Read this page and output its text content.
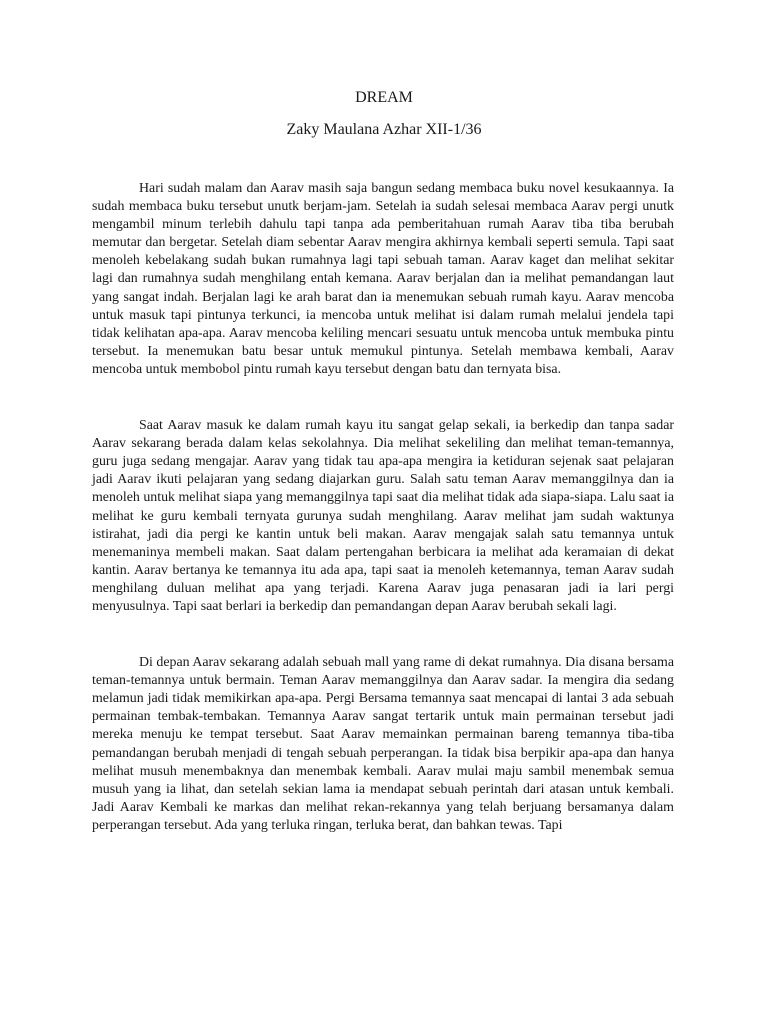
DREAM
Zaky Maulana Azhar XII-1/36

Hari sudah malam dan Aarav masih saja bangun sedang membaca buku novel kesukaannya. Ia sudah membaca buku tersebut unutk berjam-jam. Setelah ia sudah selesai membaca Aarav pergi unutk mengambil minum terlebih dahulu tapi tanpa ada pemberitahuan rumah Aarav tiba tiba berubah memutar dan bergetar. Setelah diam sebentar Aarav mengira akhirnya kembali seperti semula. Tapi saat menoleh kebelakang sudah bukan rumahnya lagi tapi sebuah taman. Aarav kaget dan melihat sekitar lagi dan rumahnya sudah menghilang entah kemana. Aarav berjalan dan ia melihat pemandangan laut yang sangat indah. Berjalan lagi ke arah barat dan ia menemukan sebuah rumah kayu. Aarav mencoba untuk masuk tapi pintunya terkunci, ia mencoba untuk melihat isi dalam rumah melalui jendela tapi tidak kelihatan apa-apa. Aarav mencoba keliling mencari sesuatu untuk mencoba untuk membuka pintu tersebut. Ia menemukan batu besar untuk memukul pintunya. Setelah membawa kembali, Aarav mencoba untuk membobol pintu rumah kayu tersebut dengan batu dan ternyata bisa.

Saat Aarav masuk ke dalam rumah kayu itu sangat gelap sekali, ia berkedip dan tanpa sadar Aarav sekarang berada dalam kelas sekolahnya. Dia melihat sekeliling dan melihat teman-temannya, guru juga sedang mengajar. Aarav yang tidak tau apa-apa mengira ia ketiduran sejenak saat pelajaran jadi Aarav ikuti pelajaran yang sedang diajarkan guru. Salah satu teman Aarav memanggilnya dan ia menoleh untuk melihat siapa yang memanggilnya tapi saat dia melihat tidak ada siapa-siapa. Lalu saat ia melihat ke guru kembali ternyata gurunya sudah menghilang. Aarav melihat jam sudah waktunya istirahat, jadi dia pergi ke kantin untuk beli makan. Aarav mengajak salah satu temannya untuk menemaninya membeli makan. Saat dalam pertengahan berbicara ia melihat ada keramaian di dekat kantin. Aarav bertanya ke temannya itu ada apa, tapi saat ia menoleh ketemannya, teman Aarav sudah menghilang duluan melihat apa yang terjadi. Karena Aarav juga penasaran jadi ia lari pergi menyusulnya. Tapi saat berlari ia berkedip dan pemandangan depan Aarav berubah sekali lagi.

Di depan Aarav sekarang adalah sebuah mall yang rame di dekat rumahnya. Dia disana bersama teman-temannya untuk bermain. Teman Aarav memanggilnya dan Aarav sadar. Ia mengira dia sedang melamun jadi tidak memikirkan apa-apa. Pergi Bersama temannya saat mencapai di lantai 3 ada sebuah permainan tembak-tembakan. Temannya Aarav sangat tertarik untuk main permainan tersebut jadi mereka menuju ke tempat tersebut. Saat Aarav memainkan permainan bareng temannya tiba-tiba pemandangan berubah menjadi di tengah sebuah perperangan. Ia tidak bisa berpikir apa-apa dan hanya melihat musuh menembaknya dan menembak kembali. Aarav mulai maju sambil menembak semua musuh yang ia lihat, dan setelah sekian lama ia mendapat sebuah perintah dari atasan untuk kembali. Jadi Aarav Kembali ke markas dan melihat rekan-rekannya yang telah berjuang bersamanya dalam perperangan tersebut. Ada yang terluka ringan, terluka berat, dan bahkan tewas. Tapi
